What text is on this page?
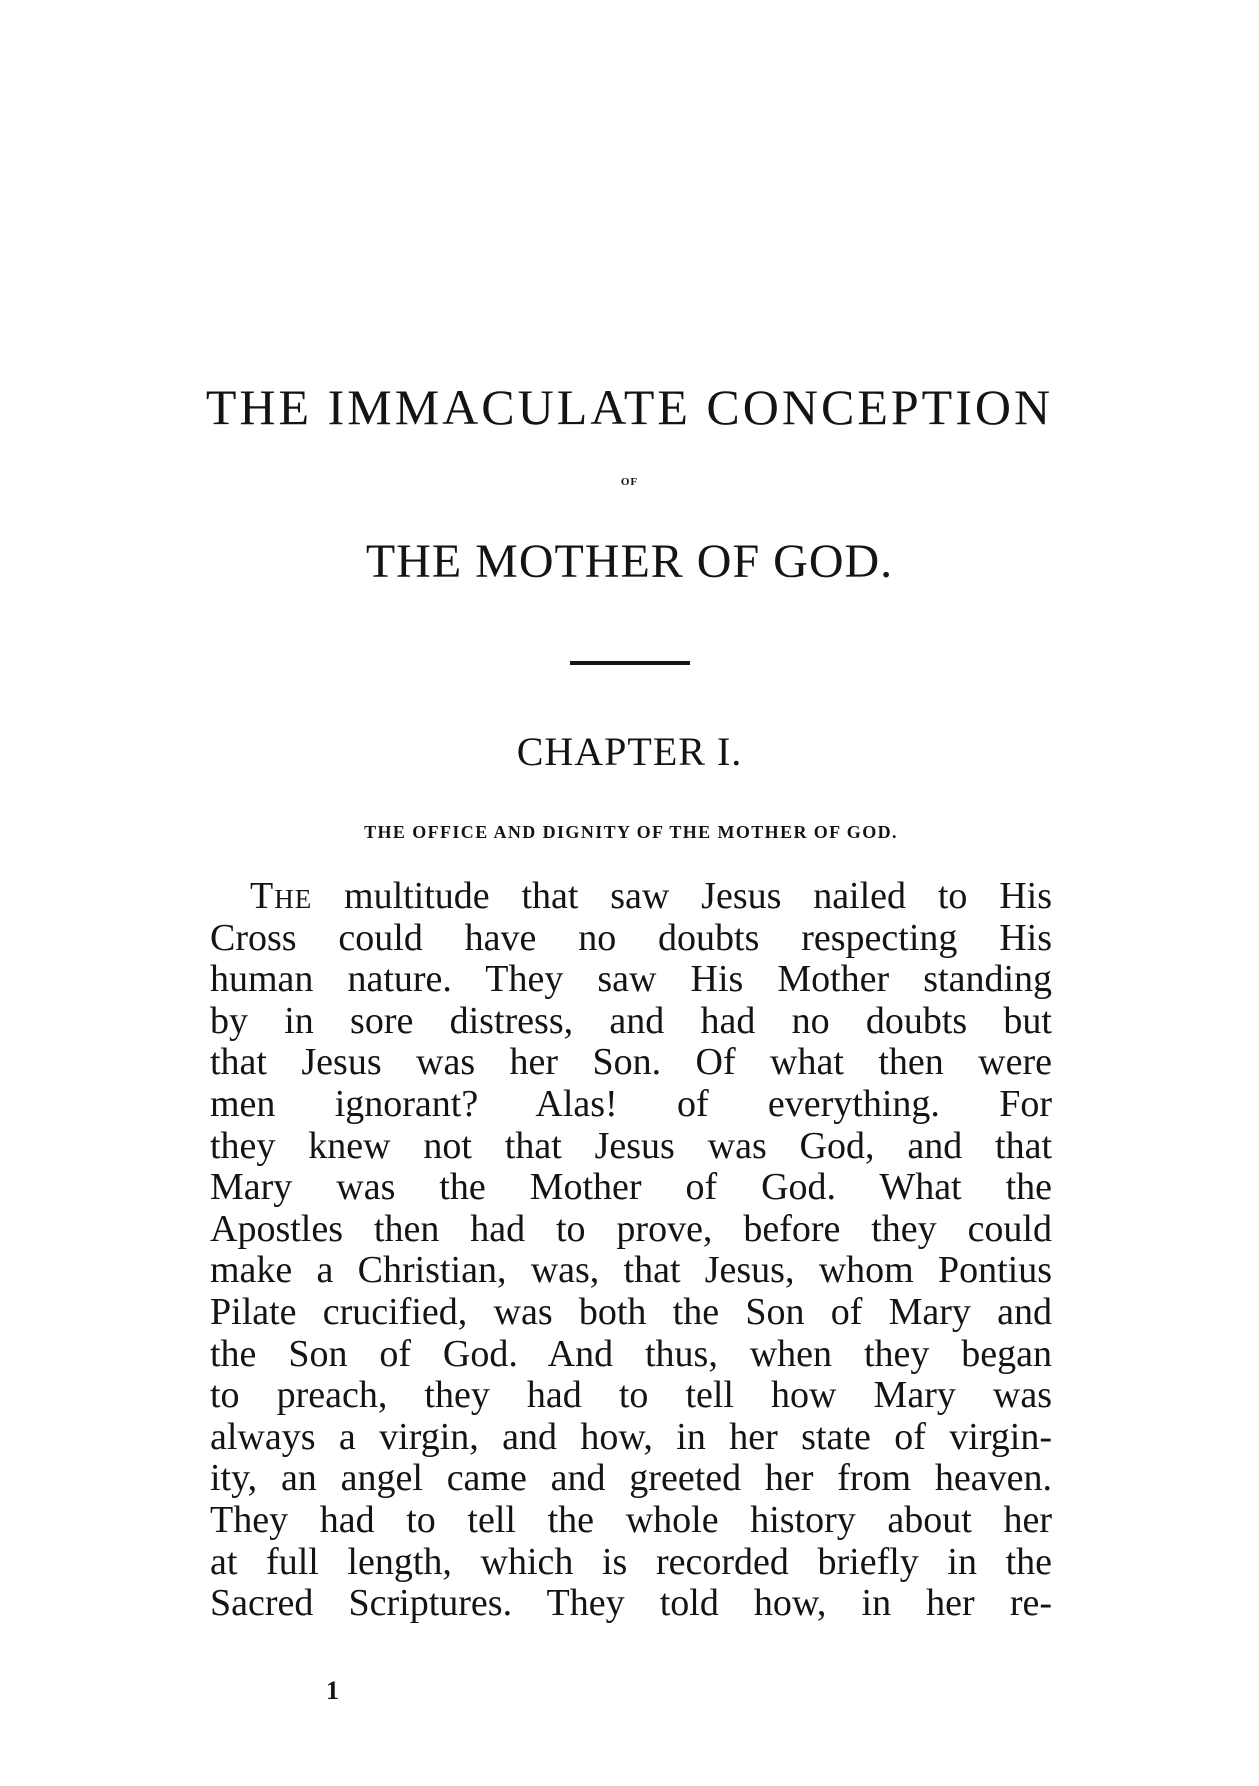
THE IMMACULATE CONCEPTION
OF
THE MOTHER OF GOD.
CHAPTER I.
THE OFFICE AND DIGNITY OF THE MOTHER OF GOD.
The multitude that saw Jesus nailed to His
Cross could have no doubts respecting His
human nature. They saw His Mother standing
by in sore distress, and had no doubts but
that Jesus was her Son. Of what then were
men ignorant? Alas! of everything. For
they knew not that Jesus was God, and that
Mary was the Mother of God. What the
Apostles then had to prove, before they could
make a Christian, was, that Jesus, whom Pontius
Pilate crucified, was both the Son of Mary and
the Son of God. And thus, when they began
to preach, they had to tell how Mary was
always a virgin, and how, in her state of virgin-
ity, an angel came and greeted her from heaven.
They had to tell the whole history about her
at full length, which is recorded briefly in the
Sacred Scriptures. They told how, in her re-
1
